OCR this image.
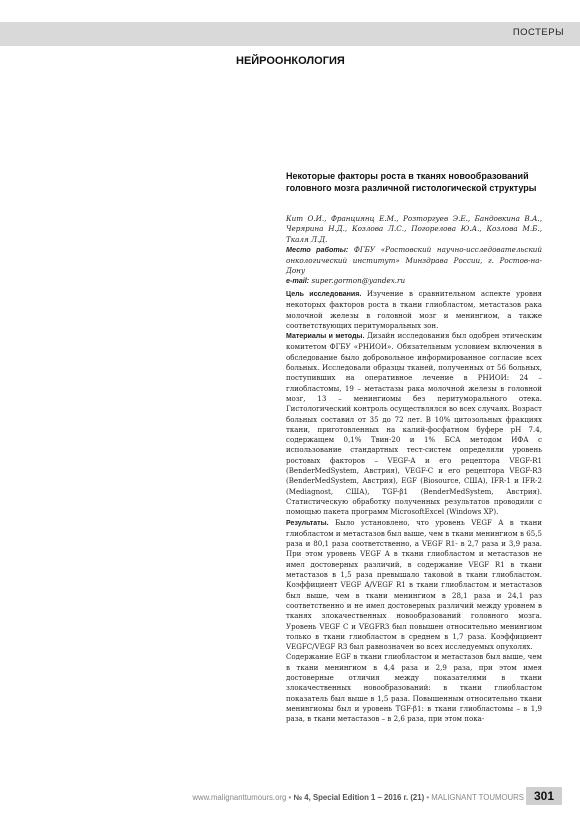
ПОСТЕРЫ
НЕЙРООНКОЛОГИЯ
Некоторые факторы роста в тканях новообразований головного мозга различной гистологической структуры
Кит О.И., Франциянц Е.М., Розторгуев Э.Е., Бандовкина В.А., Черярина Н.Д., Козлова Л.С., Погорелова Ю.А., Козлова М.Б., Ткаля Л.Д.
Место работы: ФГБУ «Ростовский научно-исследовательский онкологический институт» Минздрава России, г. Ростов-на-Дону
e-mail: super.gormon@yandex.ru

Цель исследования. Изучение в сравнительном аспекте уровня некоторых факторов роста в ткани глиобластом, метастазов рака молочной железы в головной мозг и менингиом, а также соответствующих перитуморальных зон.

Материалы и методы. Дизайн исследования был одобрен этическим комитетом ФГБУ «РНИОИ». Обязательным условием включения в обследование было добровольное информированное согласие всех больных. Исследовали образцы тканей, полученных от 56 больных, поступивших на оперативное лечение в РНИОИ: 24 – глиобластомы, 19 – метастазы рака молочной железы в головной мозг, 13 – менингиомы без перитуморального отека. Гистологический контроль осуществлялся во всех случаях. Возраст больных составил от 35 до 72 лет. В 10% цитозольных фракциях ткани, приготовленных на калий-фосфатном буфере pH 7.4, содержащем 0,1% Твин-20 и 1% БСА методом ИФА с использование стандартных тест-систем определяли уровень ростовых факторов – VEGF-A и его рецептора VEGF-R1 (BenderMedSystem, Австрия), VEGF-C и его рецептора VEGF-R3 (BenderMedSystem, Австрия), EGF (Biosource, США), IFR-1 и IFR-2 (Mediagnost, США), TGF-β1 (BenderMedSystem, Австрия). Статистическую обработку полученных результатов проводили с помощью пакета программ MicrosoftExcel (Windows XP).

Результаты. Было установлено, что уровень VEGF A в ткани глиобластом и метастазов был выше, чем в ткани менингиом в 65,5 раза и 80,1 раза соответственно, а VEGF R1- в 2,7 раза и 3,9 раза. При этом уровень VEGF A в ткани глиобластом и метастазов не имел достоверных различий, в содержание VEGF R1 в ткани метастазов в 1,5 раза превышало таковой в ткани глиобластом. Коэффициент VEGF A/VEGF R1 в ткани глиобластом и метастазов был выше, чем в ткани менингиом в 28,1 раза и 24,1 раз соответственно и не имел достоверных различий между уровнем в тканях злокачественных новообразований головного мозга. Уровень VEGF C и VEGFR3 был повышен относительно менингиом только в ткани глиобластом в среднем в 1,7 раза. Коэффициент VEGFC/VEGF R3 был равнозначен во всех исследуемых опухолях.

Содержание EGF в ткани глиобластом и метастазов был выше, чем в ткани менингиом в 4,4 раза и 2,9 раза, при этом имея достоверные отличия между показателями в ткани злокачественных новообразований: в ткани глиобластом показатель был выше в 1,5 раза. Повышенным относительно ткани менингиомы был и уровень TGF-β1: в ткани глиобластомы – в 1,9 раза, в ткани метастазов – в 2,6 раза, при этом пока-

www.malignanttumours.org • № 4, Special Edition 1 – 2016 г. (21) • MALIGNANT TOUMOURS 301
